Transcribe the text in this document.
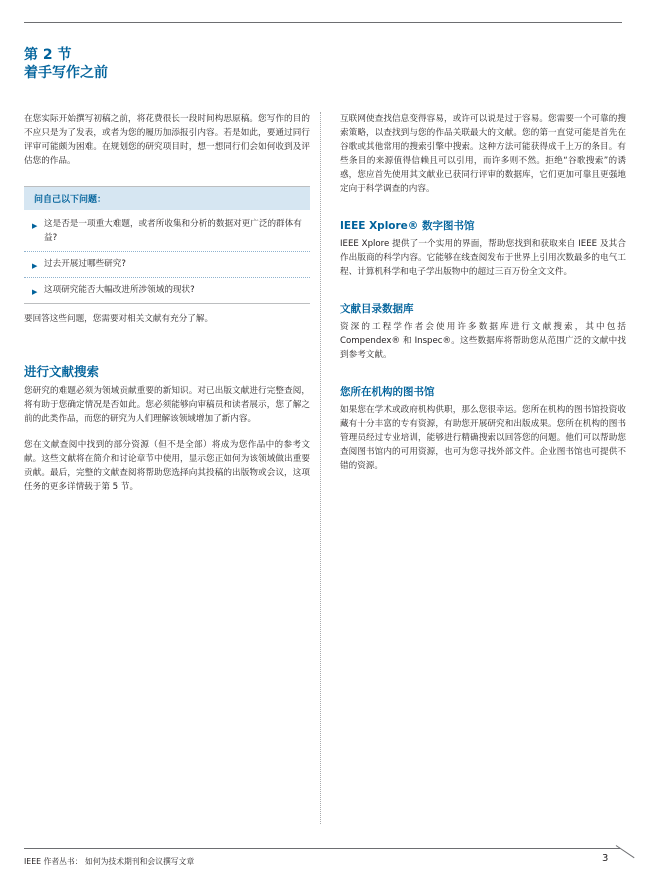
第 2 节
着手写作之前

在您实际开始撰写初稿之前，将花费很长一段时间构思原稿。您写作的目的不应只是为了发表，或者为您的履历加添报引内容。若是如此，要通过同行评审可能颇为困难。在规划您的研究项目时，想一想同行们会如何收到及评估您的作品。

问自己以下问题：
▶ 这是否是一项重大难题，或者所收集和分析的数据对更广泛的群体有益?
▶ 过去开展过哪些研究?
▶ 这项研究能否大幅改进所涉领域的现状?

要回答这些问题，您需要对相关文献有充分了解。

进行文献搜索

您研究的难题必须为领域贡献重要的新知识。对已出版文献进行完整查阅，将有助于您确定情况是否如此。您必须能够向审稿员和读者展示，您了解之前的此类作品，而您的研究为人们理解该领域增加了新内容。

您在文献查阅中找到的部分资源（但不是全部）将成为您作品中的参考文献。这些文献将在简介和讨论章节中使用，显示您正如何为该领域做出重要贡献。最后，完整的文献查阅将帮助您选择向其投稿的出版物或会议，这项任务的更多详情载于第 5 节。

互联网使查找信息变得容易，或许可以说是过于容易。您需要一个可靠的搜索策略，以查找到与您的作品关联最大的文献。您的第一直觉可能是首先在谷歌或其他常用的搜索引擎中搜索。这种方法可能获得成千上万的条目。有些条目的来源值得信赖且可以引用，而许多则不然。拒绝“谷歌搜索”的诱惑，您应首先使用其文献业已获同行评审的数据库，它们更加可靠且更强地定向于科学调查的内容。

IEEE Xplore® 数字图书馆

IEEE Xplore 提供了一个实用的界面，帮助您找到和获取来自 IEEE 及其合作出版商的科学内容。它能够在线查阅发布于世界上引用次数最多的电气工程、计算机科学和电子学出版物中的超过三百万份全文文件。

文献目录数据库

资深的工程学作者会使用许多数据库进行文献搜索，其中包括 Compendex® 和 Inspec®。这些数据库将帮助您从范围广泛的文献中找到参考文献。

您所在机构的图书馆

如果您在学术或政府机构供职，那么您很幸运。您所在机构的图书馆投资收藏有十分丰富的专有资源，有助您开展研究和出版成果。您所在机构的图书管理员经过专业培训，能够进行精确搜索以回答您的问题。他们可以帮助您查阅图书馆内的可用资源，也可为您寻找外部文件。企业图书馆也可提供不错的资源。

IEEE 作者丛书： 如何为技术期刊和会议撰写文章	3
